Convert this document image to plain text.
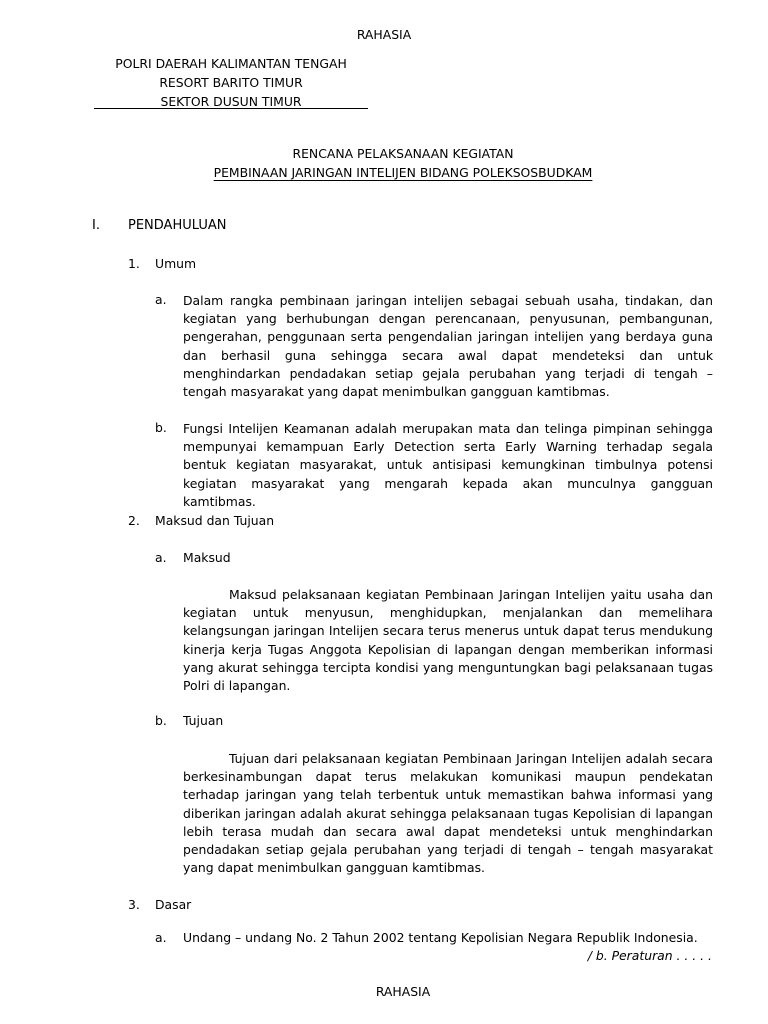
RAHASIA
POLRI DAERAH KALIMANTAN TENGAH
RESORT BARITO TIMUR
SEKTOR DUSUN TIMUR
RENCANA PELAKSANAAN KEGIATAN
PEMBINAAN JARINGAN INTELIJEN BIDANG POLEKSOSBUDKAM
I. PENDAHULUAN
1. Umum
a. Dalam rangka pembinaan jaringan intelijen sebagai sebuah usaha, tindakan, dan kegiatan yang berhubungan dengan perencanaan, penyusunan, pembangunan, pengerahan, penggunaan serta pengendalian jaringan intelijen yang berdaya guna dan berhasil guna sehingga secara awal dapat mendeteksi dan untuk menghindarkan pendadakan setiap gejala perubahan yang terjadi di tengah – tengah masyarakat yang dapat menimbulkan gangguan kamtibmas.
b. Fungsi Intelijen Keamanan adalah merupakan mata dan telinga pimpinan sehingga mempunyai kemampuan Early Detection serta Early Warning terhadap segala bentuk kegiatan masyarakat, untuk antisipasi kemungkinan timbulnya potensi kegiatan masyarakat yang mengarah kepada akan munculnya gangguan kamtibmas.
2. Maksud dan Tujuan
a. Maksud
Maksud pelaksanaan kegiatan Pembinaan Jaringan Intelijen yaitu usaha dan kegiatan untuk menyusun, menghidupkan, menjalankan dan memelihara kelangsungan jaringan Intelijen secara terus menerus untuk dapat terus mendukung kinerja kerja Tugas Anggota Kepolisian di lapangan dengan memberikan informasi yang akurat sehingga tercipta kondisi yang menguntungkan bagi pelaksanaan tugas Polri di lapangan.
b. Tujuan
Tujuan dari pelaksanaan kegiatan Pembinaan Jaringan Intelijen adalah secara berkesinambungan dapat terus melakukan komunikasi maupun pendekatan terhadap jaringan yang telah terbentuk untuk memastikan bahwa informasi yang diberikan jaringan adalah akurat sehingga pelaksanaan tugas Kepolisian di lapangan lebih terasa mudah dan secara awal dapat mendeteksi untuk menghindarkan pendadakan setiap gejala perubahan yang terjadi di tengah – tengah masyarakat yang dapat menimbulkan gangguan kamtibmas.
3. Dasar
a. Undang – undang No. 2 Tahun 2002 tentang Kepolisian Negara Republik Indonesia.
/ b. Peraturan . . . . .
RAHASIA
